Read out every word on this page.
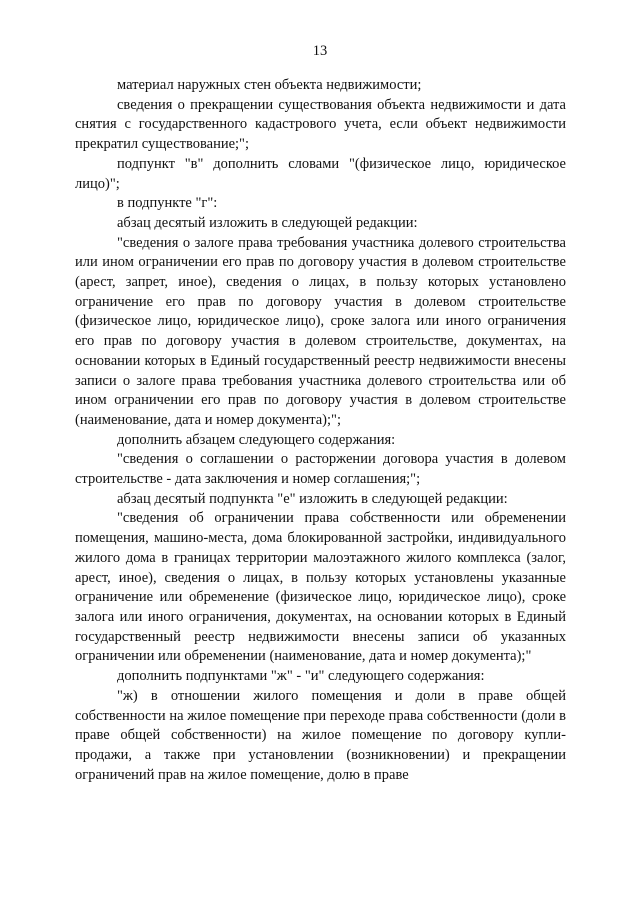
13

материал наружных стен объекта недвижимости;

сведения о прекращении существования объекта недвижимости и дата снятия с государственного кадастрового учета, если объект недвижимости прекратил существование;";

подпункт "в" дополнить словами "(физическое лицо, юридическое лицо)";

в подпункте "г":

абзац десятый изложить в следующей редакции:

"сведения о залоге права требования участника долевого строительства или ином ограничении его прав по договору участия в долевом строительстве (арест, запрет, иное), сведения о лицах, в пользу которых установлено ограничение его прав по договору участия в долевом строительстве (физическое лицо, юридическое лицо), сроке залога или иного ограничения его прав по договору участия в долевом строительстве, документах, на основании которых в Единый государственный реестр недвижимости внесены записи о залоге права требования участника долевого строительства или об ином ограничении его прав по договору участия в долевом строительстве (наименование, дата и номер документа);";

дополнить абзацем следующего содержания:

"сведения о соглашении о расторжении договора участия в долевом строительстве - дата заключения и номер соглашения;";

абзац десятый подпункта "е" изложить в следующей редакции:

"сведения об ограничении права собственности или обременении помещения, машино-места, дома блокированной застройки, индивидуального жилого дома в границах территории малоэтажного жилого комплекса (залог, арест, иное), сведения о лицах, в пользу которых установлены указанные ограничение или обременение (физическое лицо, юридическое лицо), сроке залога или иного ограничения, документах, на основании которых в Единый государственный реестр недвижимости внесены записи об указанных ограничении или обременении (наименование, дата и номер документа);"

дополнить подпунктами "ж" - "и" следующего содержания:

"ж) в отношении жилого помещения и доли в праве общей собственности на жилое помещение при переходе права собственности (доли в праве общей собственности) на жилое помещение по договору купли-продажи, а также при установлении (возникновении) и прекращении ограничений прав на жилое помещение, долю в праве
